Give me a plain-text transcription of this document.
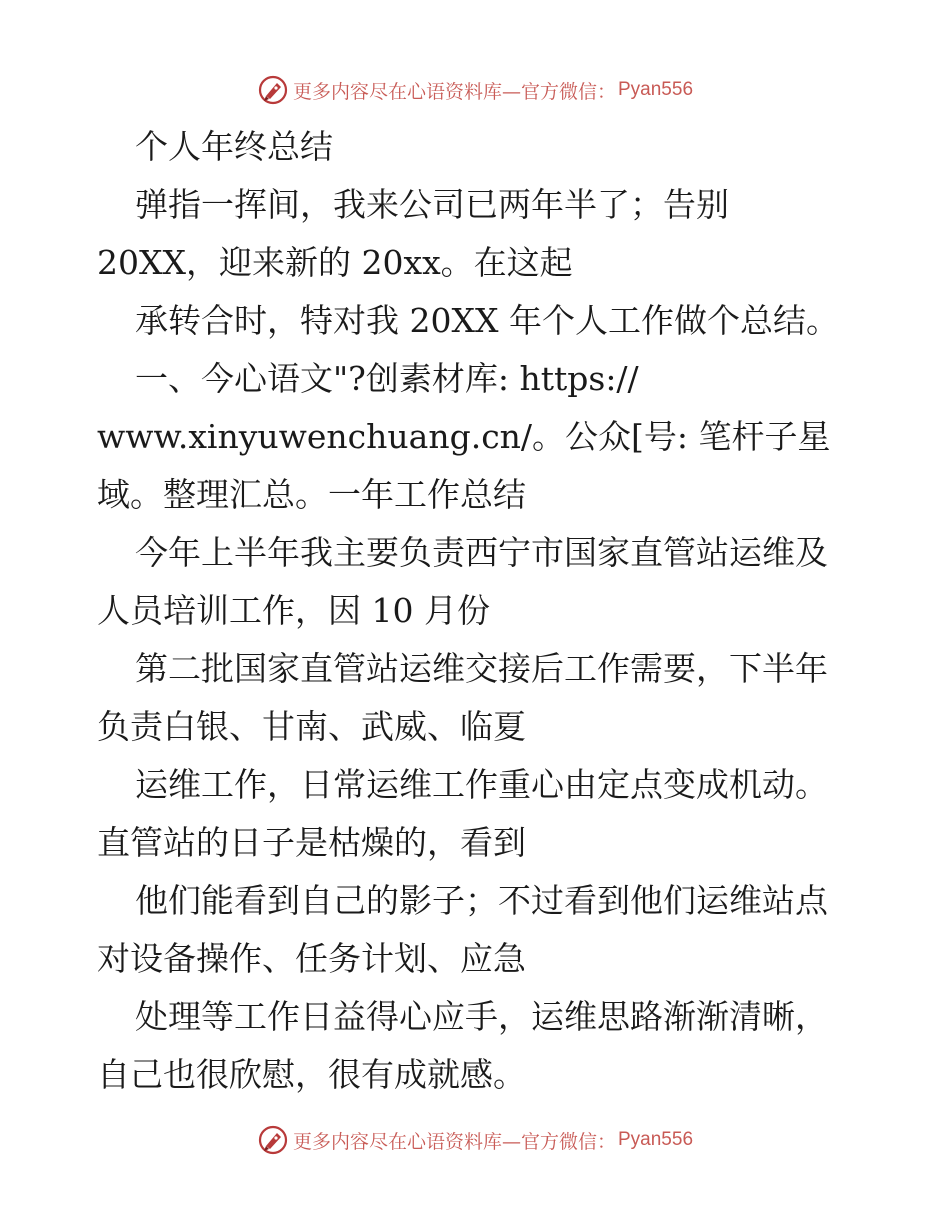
更多内容尽在心语资料库—官方微信： Pyan556
个人年终总结
弹指一挥间，我来公司已两年半了；告别
20XX，迎来新的 20xx。在这起
承转合时，特对我 20XX 年个人工作做个总结。
一、今心语文"?创素材库: https://
www.xinyuwenchuang.cn/。公众[号: 笔杆子星
域。整理汇总。一年工作总结
今年上半年我主要负责西宁市国家直管站运维及
人员培训工作，因 10 月份
第二批国家直管站运维交接后工作需要，下半年
负责白银、甘南、武威、临夏
运维工作，日常运维工作重心由定点变成机动。
直管站的日子是枯燥的，看到
他们能看到自己的影子；不过看到他们运维站点
对设备操作、任务计划、应急
处理等工作日益得心应手，运维思路渐渐清晰，
自己也很欣慰，很有成就感。
更多内容尽在心语资料库—官方微信： Pyan556
